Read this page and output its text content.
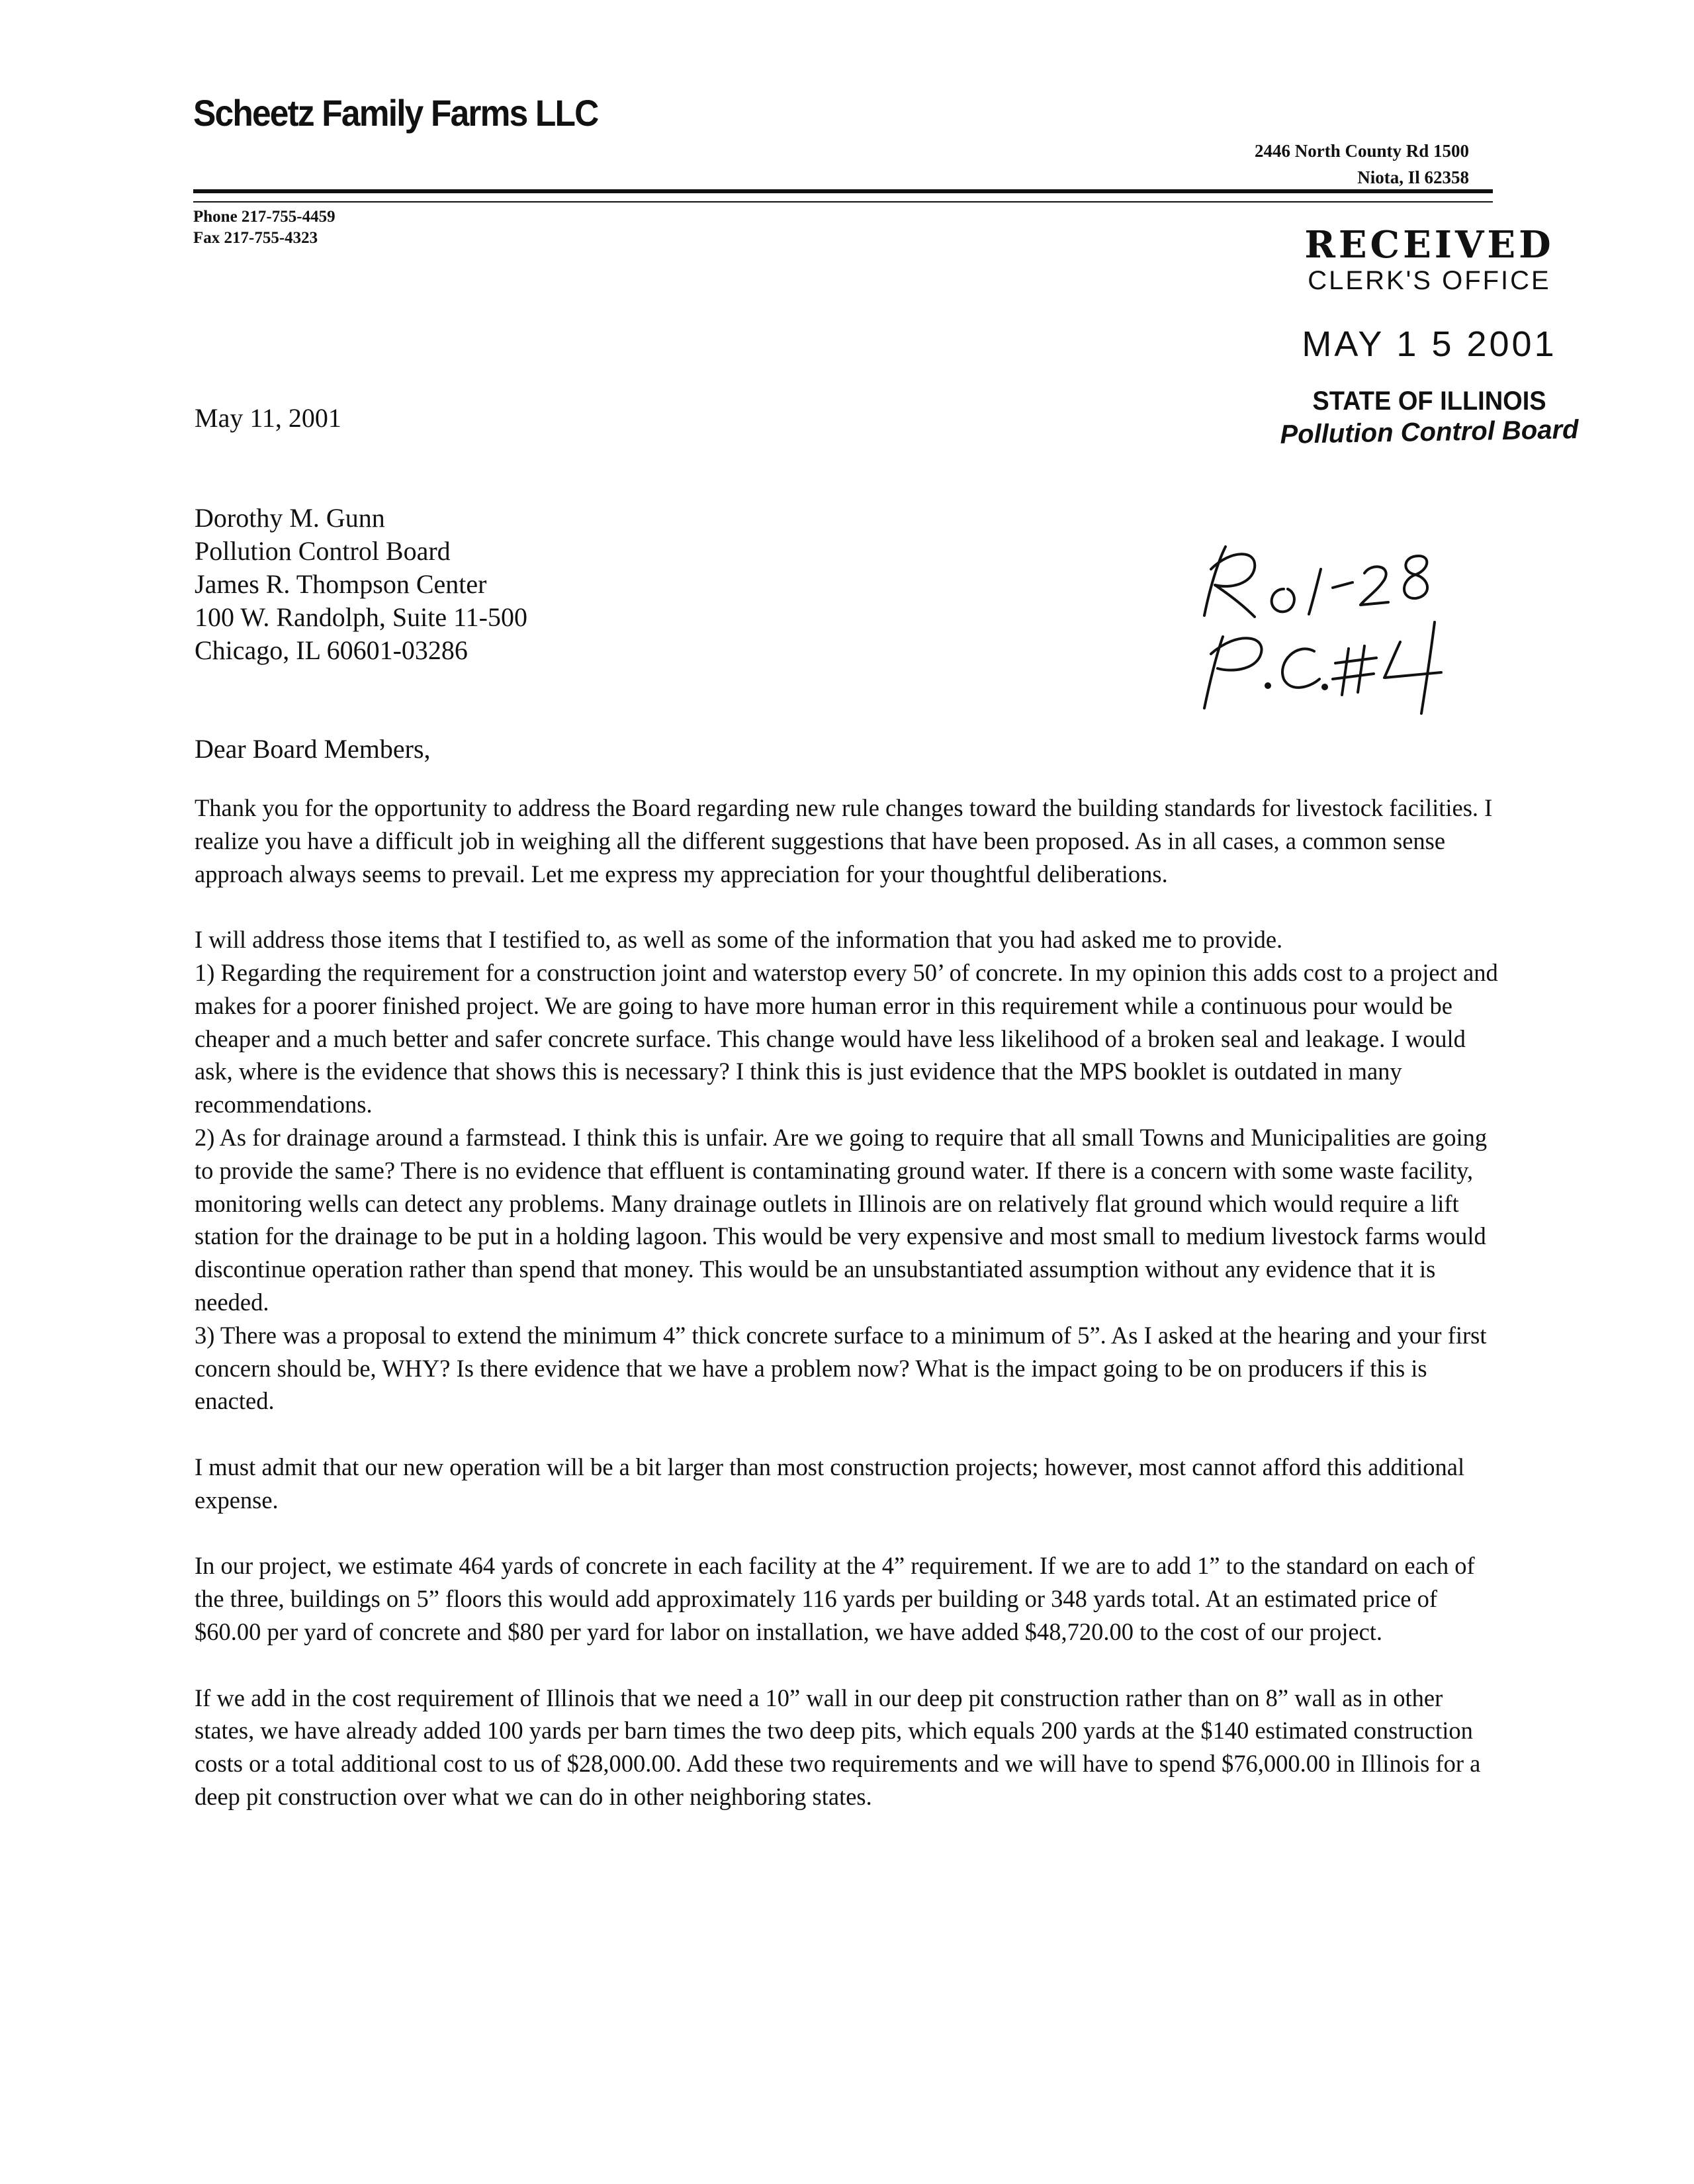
Scheetz Family Farms LLC
2446 North County Rd 1500
Niota, Il 62358
Phone 217-755-4459
Fax 217-755-4323	RECEIVED
CLERK'S OFFICE
MAY 1 5 2001
STATE OF ILLINOIS
Pollution Control Board
May 11, 2001
Dorothy M. Gunn
Pollution Control Board
James R. Thompson Center
100 W. Randolph, Suite 11-500
Chicago, IL 60601-03286
Dear Board Members,

Thank you for the opportunity to address the Board regarding new rule changes toward the building standards for livestock facilities. I realize you have a difficult job in weighing all the different suggestions that have been proposed. As in all cases, a common sense approach always seems to prevail. Let me express my appreciation for your thoughtful deliberations.

I will address those items that I testified to, as well as some of the information that you had asked me to provide.

1) Regarding the requirement for a construction joint and waterstop every 50’ of concrete. In my opinion this adds cost to a project and makes for a poorer finished project. We are going to have more human error in this requirement while a continuous pour would be cheaper and a much better and safer concrete surface. This change would have less likelihood of a broken seal and leakage. I would ask, where is the evidence that shows this is necessary? I think this is just evidence that the MPS booklet is outdated in many recommendations.

2) As for drainage around a farmstead. I think this is unfair. Are we going to require that all small Towns and Municipalities are going to provide the same? There is no evidence that effluent is contaminating ground water. If there is a concern with some waste facility, monitoring wells can detect any problems. Many drainage outlets in Illinois are on relatively flat ground which would require a lift station for the drainage to be put in a holding lagoon. This would be very expensive and most small to medium livestock farms would discontinue operation rather than spend that money. This would be an unsubstantiated assumption without any evidence that it is needed.

3) There was a proposal to extend the minimum 4” thick concrete surface to a minimum of 5”. As I asked at the hearing and your first concern should be, WHY? Is there evidence that we have a problem now? What is the impact going to be on producers if this is enacted.

I must admit that our new operation will be a bit larger than most construction projects; however, most cannot afford this additional expense.

In our project, we estimate 464 yards of concrete in each facility at the 4” requirement. If we are to add 1” to the standard on each of the three, buildings on 5” floors this would add approximately 116 yards per building or 348 yards total. At an estimated price of $60.00 per yard of concrete and $80 per yard for labor on installation, we have added $48,720.00 to the cost of our project.

If we add in the cost requirement of Illinois that we need a 10” wall in our deep pit construction rather than on 8” wall as in other states, we have already added 100 yards per barn times the two deep pits, which equals 200 yards at the $140 estimated construction costs or a total additional cost to us of $28,000.00. Add these two requirements and we will have to spend $76,000.00 in Illinois for a deep pit construction over what we can do in other neighboring states.
